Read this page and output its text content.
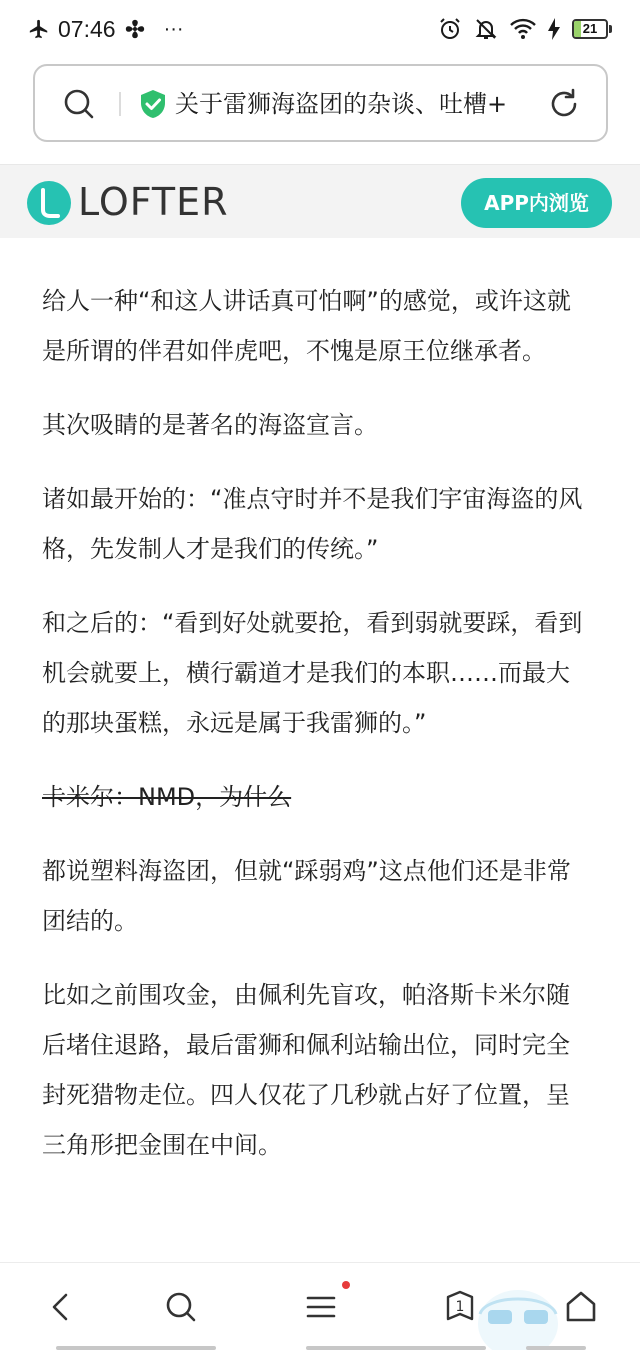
07:46 ···	21
关于雷狮海盗团的杂谈、吐槽+
LOFTER	APP内浏览

给人一种“和这人讲话真可怕啊”的感觉，或许这就是所谓的伴君如伴虎吧，不愧是原王位继承者。

其次吸睛的是著名的海盗宣言。

诸如最开始的：“准点守时并不是我们宇宙海盗的风格，先发制人才是我们的传统。”

和之后的：“看到好处就要抢，看到弱就要踩，看到机会就要上，横行霸道才是我们的本职……而最大的那块蛋糕，永远是属于我雷狮的。”

卡米尔：NMD，为什么

都说塑料海盗团，但就“踩弱鸡”这点他们还是非常团结的。

比如之前围攻金，由佩利先盲攻，帕洛斯卡米尔随后堵住退路，最后雷狮和佩利站输出位，同时完全封死猎物走位。四人仅花了几秒就占好了位置，呈三角形把金围在中间。

1
